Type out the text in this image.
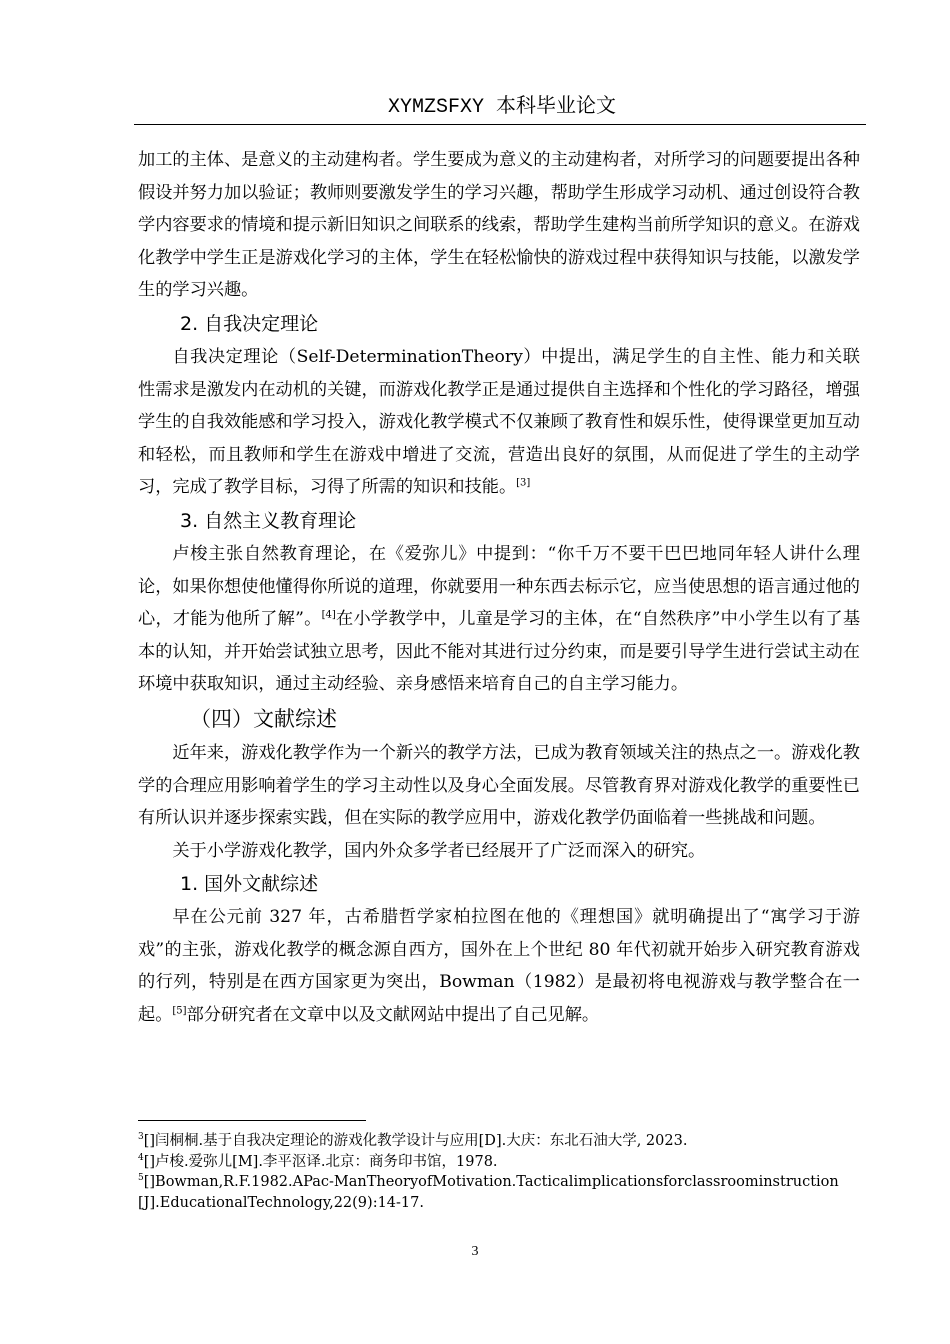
XYMZSFXY 本科毕业论文

加工的主体、是意义的主动建构者。学生要成为意义的主动建构者，对所学习的问题要提出各种假设并努力加以验证；教师则要激发学生的学习兴趣，帮助学生形成学习动机、通过创设符合教学内容要求的情境和提示新旧知识之间联系的线索，帮助学生建构当前所学知识的意义。在游戏化教学中学生正是游戏化学习的主体，学生在轻松愉快的游戏过程中获得知识与技能，以激发学生的学习兴趣。

2. 自我决定理论

自我决定理论（Self-DeterminationTheory）中提出，满足学生的自主性、能力和关联性需求是激发内在动机的关键，而游戏化教学正是通过提供自主选择和个性化的学习路径，增强学生的自我效能感和学习投入，游戏化教学模式不仅兼顾了教育性和娱乐性，使得课堂更加互动和轻松，而且教师和学生在游戏中增进了交流，营造出良好的氛围，从而促进了学生的主动学习，完成了教学目标，习得了所需的知识和技能。[3]

3. 自然主义教育理论

卢梭主张自然教育理论，在《爱弥儿》中提到：“你千万不要干巴巴地同年轻人讲什么理论，如果你想使他懂得你所说的道理，你就要用一种东西去标示它，应当使思想的语言通过他的心，才能为他所了解”。[4]在小学教学中，儿童是学习的主体，在“自然秩序”中小学生以有了基本的认知，并开始尝试独立思考，因此不能对其进行过分约束，而是要引导学生进行尝试主动在环境中获取知识，通过主动经验、亲身感悟来培育自己的自主学习能力。

（四）文献综述

近年来，游戏化教学作为一个新兴的教学方法，已成为教育领域关注的热点之一。游戏化教学的合理应用影响着学生的学习主动性以及身心全面发展。尽管教育界对游戏化教学的重要性已有所认识并逐步探索实践，但在实际的教学应用中，游戏化教学仍面临着一些挑战和问题。

关于小学游戏化教学，国内外众多学者已经展开了广泛而深入的研究。

1. 国外文献综述

早在公元前 327 年，古希腊哲学家柏拉图在他的《理想国》就明确提出了“寓学习于游戏”的主张，游戏化教学的概念源自西方，国外在上个世纪 80 年代初就开始步入研究教育游戏的行列，特别是在西方国家更为突出，Bowman（1982）是最初将电视游戏与教学整合在一起。[5]部分研究者在文章中以及文献网站中提出了自己见解。

$^3$[]闫桐桐.基于自我决定理论的游戏化教学设计与应用[D].大庆：东北石油大学, 2023.
$^4$[]卢梭.爱弥儿[M].李平沤译.北京：商务印书馆，1978.
$^5$[]Bowman,R.F.1982.APac-ManTheoryofMotivation.Tacticalimplicationsforclassroominstruction[J].EducationalTechnology,22(9):14-17.
3
